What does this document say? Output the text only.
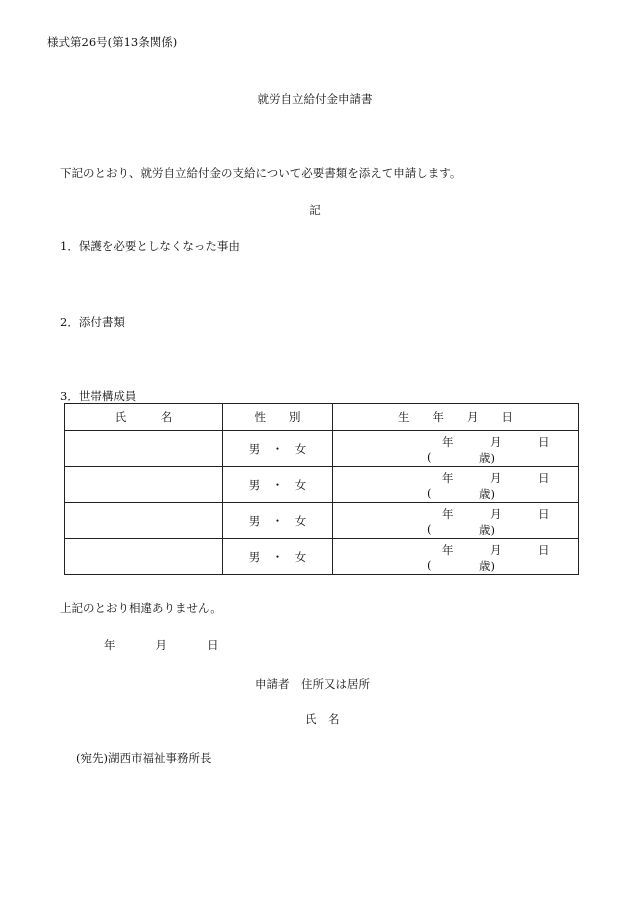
様式第26号(第13条関係)
就労自立給付金申請書
下記のとおり、就労自立給付金の支給について必要書類を添えて申請します。
記
1．保護を必要としなくなった事由
2．添付書類
3．世帯構成員
氏　　　名	性　　別	生　　年　　月　　日
	男　・　女	年 月 日
( 歳)

	男　・　女	年 月 日
( 歳)

	男　・　女	年 月 日
( 歳)

	男　・　女	年 月 日
( 歳)
上記のとおり相違ありません。
年	月	日
申請者　住所又は居所
氏　名
(宛先)湖西市福祉事務所長
